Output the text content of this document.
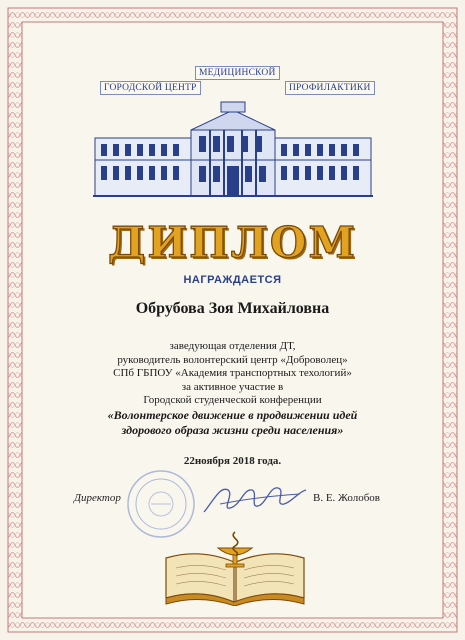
ГОРОДСКОЙ ЦЕНТР
МЕДИЦИНСКОЙ
ПРОФИЛАКТИКИ
ДИПЛОМ
НАГРАЖДАЕТСЯ
Обрубова Зоя Михайловна
заведующая отделения ДТ,
руководитель волонтерский центр «Доброволец»
СПб ГБПОУ «Академия транспортных техологий»
за активное участие в
Городской студенческой конференции
«Волонтерское движение в продвижении идей
здорового образа жизни среди населения»
22ноября 2018 года.
Директор	В. Е. Жолобов
